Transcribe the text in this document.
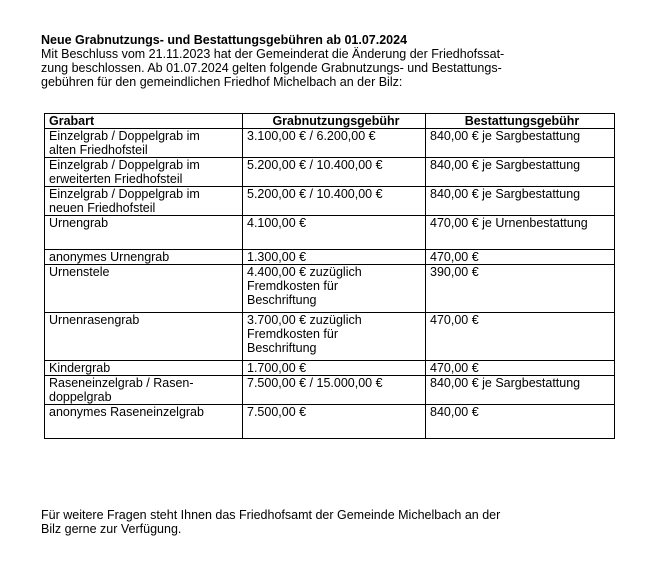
Neue Grabnutzungs- und Bestattungsgebühren ab 01.07.2024
Mit Beschluss vom 21.11.2023 hat der Gemeinderat die Änderung der Friedhofssat-
zung beschlossen. Ab 01.07.2024 gelten folgende Grabnutzungs- und Bestattungs-
gebühren für den gemeindlichen Friedhof Michelbach an der Bilz:
Grabart	Grabnutzungsgebühr	Bestattungsgebühr

Einzelgrab / Doppelgrab im
alten Friedhofsteil	3.100,00 € / 6.200,00 €	840,00 € je Sargbestattung

Einzelgrab / Doppelgrab im
erweiterten Friedhofsteil	5.200,00 € / 10.400,00 €	840,00 € je Sargbestattung

Einzelgrab / Doppelgrab im
neuen Friedhofsteil	5.200,00 € / 10.400,00 €	840,00 € je Sargbestattung

Urnengrab	4.100,00 €	470,00 € je Urnenbestattung

anonymes Urnengrab	1.300,00 €	470,00 €

Urnenstele	4.400,00 € zuzüglich
Fremdkosten für
Beschriftung	390,00 €

Urnenrasengrab	3.700,00 € zuzüglich
Fremdkosten für
Beschriftung	470,00 €

Kindergrab	1.700,00 €	470,00 €

Raseneinzelgrab / Rasen-
doppelgrab	7.500,00 € / 15.000,00 €	840,00 € je Sargbestattung

anonymes Raseneinzelgrab	7.500,00 €	840,00 €
Für weitere Fragen steht Ihnen das Friedhofsamt der Gemeinde Michelbach an der
Bilz gerne zur Verfügung.
